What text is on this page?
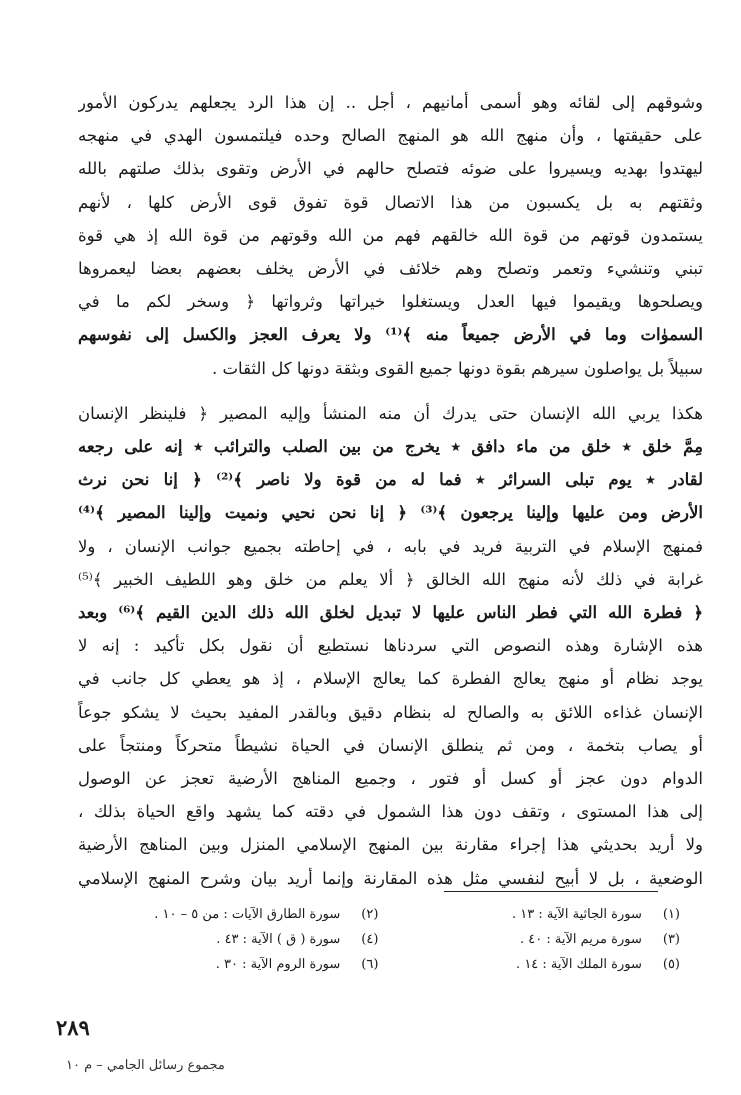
وشوقهم إلى لقائه وهو أسمى أمانيهم ، أجل .. إن هذا الرد يجعلهم يدركون الأمور
على حقيقتها ، وأن منهج الله هو المنهج الصالح وحده فيلتمسون الهدي في منهجه
ليهتدوا بهديه ويسيروا على ضوئه فتصلح حالهم في الأرض وتقوى بذلك صلتهم بالله
وثقتهم به بل يكسبون من هذا الاتصال قوة تفوق قوى الأرض كلها ، لأنهم
يستمدون قوتهم من قوة الله خالقهم فهم من الله وقوتهم من قوة الله إذ هي قوة
تبني وتنشيء وتعمر وتصلح وهم خلائف في الأرض يخلف بعضهم بعضا ليعمروها
ويصلحوها ويقيموا فيها العدل ويستغلوا خيراتها وثرواتها ﴿ وسخر لكم ما في
السموٰات وما في الأرض جميعاً منه ﴾⁽¹⁾ ولا يعرف العجز والكسل إلى نفوسهم
سبيلاً بل يواصلون سيرهم بقوة دونها جميع القوى وبثقة دونها كل الثقات .
هكذا يربي الله الإنسان حتى يدرك أن منه المنشأ وإليه المصير ﴿ فلينظر الإنسان
مِمَّ خلق ٭ خلق من ماء دافق ٭ يخرج من بين الصلب والترائب ٭ إنه على رجعه
لقادر ٭ يوم تبلى السرائر ٭ فما له من قوة ولا ناصر ﴾⁽²⁾ ﴿ إنا نحن نرث
الأرض ومن عليها وإلينا يرجعون ﴾⁽³⁾ ﴿ إنا نحن نحيي ونميت وإلينا المصير ﴾⁽⁴⁾
فمنهج الإسلام في التربية فريد في بابه ، في إحاطته بجميع جوانب الإنسان ، ولا
غرابة في ذلك لأنه منهج الله الخالق ﴿ ألا يعلم من خلق وهو اللطيف الخبير ﴾⁽⁵⁾
﴿ فطرة الله التي فطر الناس عليها لا تبديل لخلق الله ذلك الدين القيم ﴾⁽⁶⁾ وبعد
هذه الإشارة وهذه النصوص التي سردناها نستطيع أن نقول بكل تأكيد : إنه لا
يوجد نظام أو منهج يعالج الفطرة كما يعالج الإسلام ، إذ هو يعطي كل جانب في
الإنسان غذاءه اللائق به والصالح له بنظام دقيق وبالقدر المفيد بحيث لا يشكو جوعاً
أو يصاب بتخمة ، ومن ثم ينطلق الإنسان في الحياة نشيطاً متحركاً ومنتجاً على
الدوام دون عجز أو كسل أو فتور ، وجميع المناهج الأرضية تعجز عن الوصول
إلى هذا المستوى ، وتقف دون هذا الشمول في دقته كما يشهد واقع الحياة بذلك ،
ولا أريد بحديثي هذا إجراء مقارنة بين المنهج الإسلامي المنزل وبين المناهج الأرضية
الوضعية ، بل لا أبيح لنفسي مثل هذه المقارنة وإنما أريد بيان وشرح المنهج الإسلامي
(١) سورة الجاثية الآية : ١٣ .
(٢) سورة الطارق الآيات : من ٥ – ١٠ .
(٣) سورة مريم الآية : ٤٠ .
(٤) سورة ( ق ) الآية : ٤٣ .
(٥) سورة الملك الآية : ١٤ .
(٦) سورة الروم الآية : ٣٠ .
٢٨٩
مجموع رسائل الجامي – م ١٠
